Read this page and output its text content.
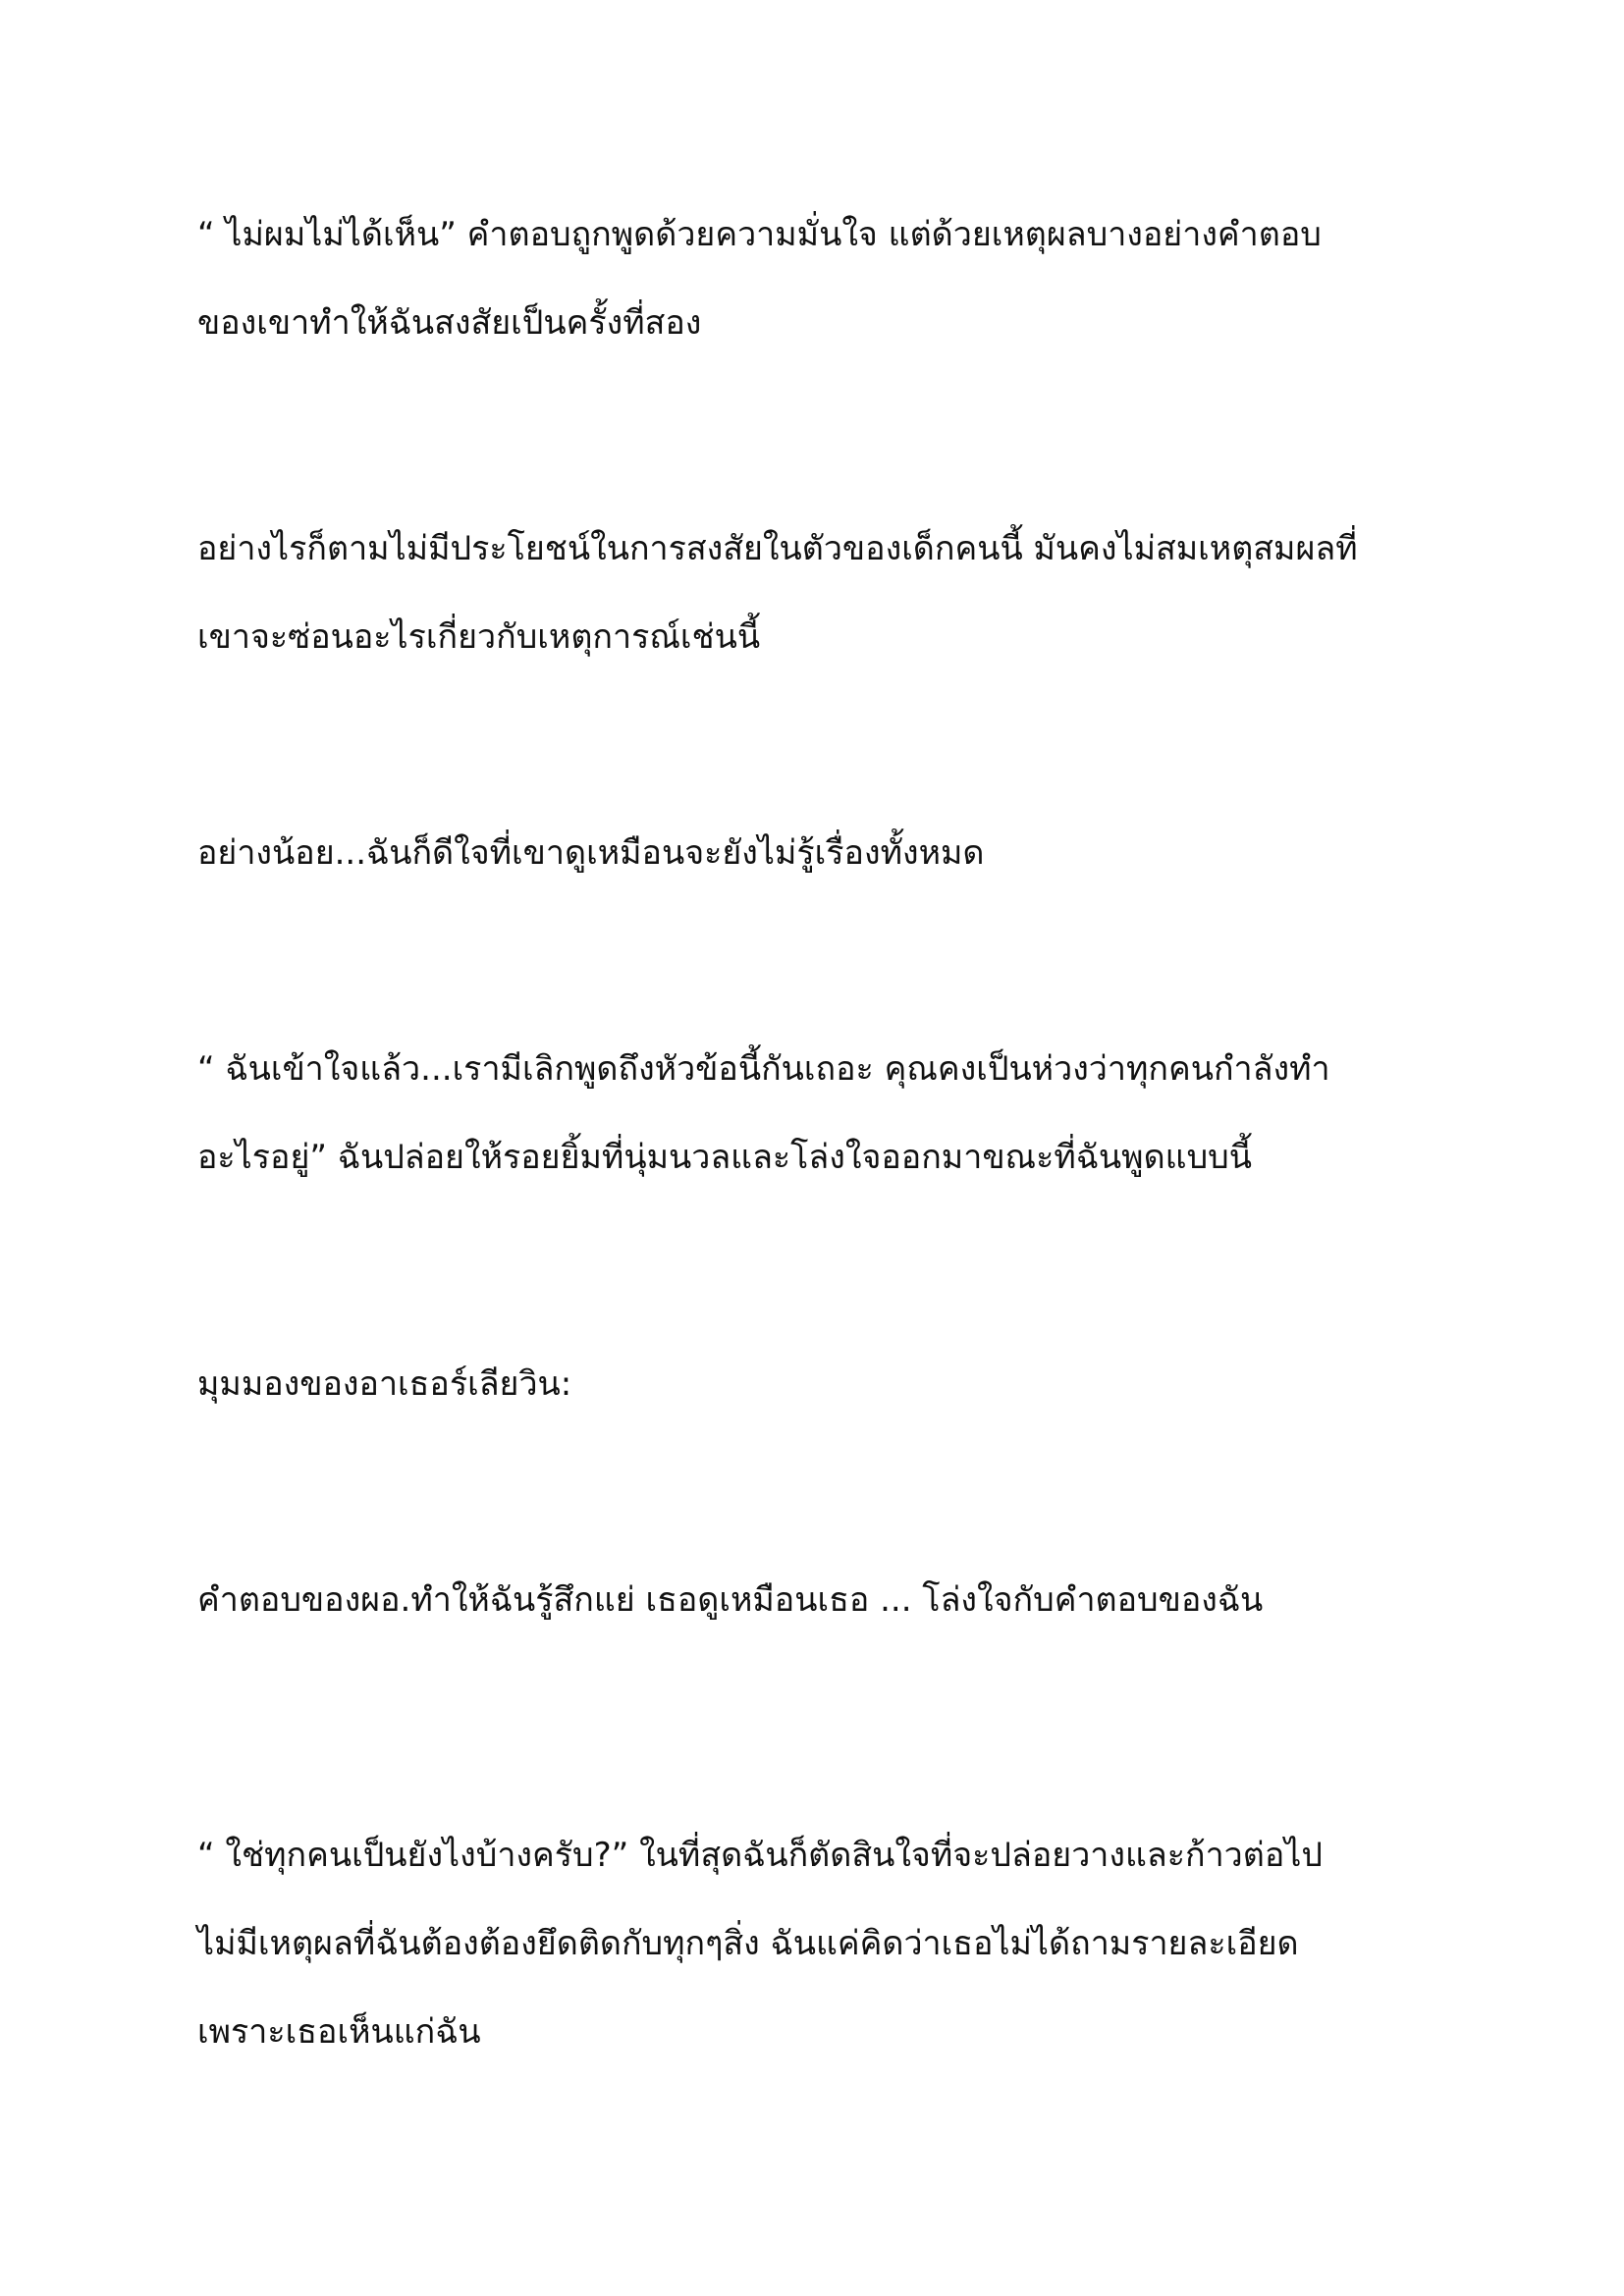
“ ไม่ผมไม่ได้เห็น” คำตอบถูกพูดด้วยความมั่นใจ แต่ด้วยเหตุผลบางอย่างคำตอบ
ของเขาทำให้ฉันสงสัยเป็นครั้งที่สอง

อย่างไรก็ตามไม่มีประโยชน์ในการสงสัยในตัวของเด็กคนนี้ มันคงไม่สมเหตุสมผลที่
เขาจะซ่อนอะไรเกี่ยวกับเหตุการณ์เช่นนี้

อย่างน้อย...ฉันก็ดีใจที่เขาดูเหมือนจะยังไม่รู้เรื่องทั้งหมด

“ ฉันเข้าใจแล้ว...เรามีเลิกพูดถึงหัวข้อนี้กันเถอะ คุณคงเป็นห่วงว่าทุกคนกำลังทำ
อะไรอยู่” ฉันปล่อยให้รอยยิ้มที่นุ่มนวลและโล่งใจออกมาขณะที่ฉันพูดแบบนี้

มุมมองของอาเธอร์เลียวิน:

คำตอบของผอ.ทำให้ฉันรู้สึกแย่ เธอดูเหมือนเธอ ... โล่งใจกับคำตอบของฉัน

“ ใช่ทุกคนเป็นยังไงบ้างครับ?” ในที่สุดฉันก็ตัดสินใจที่จะปล่อยวางและก้าวต่อไป
ไม่มีเหตุผลที่ฉันต้องต้องยึดติดกับทุกๆสิ่ง ฉันแค่คิดว่าเธอไม่ได้ถามรายละเอียด
เพราะเธอเห็นแก่ฉัน
